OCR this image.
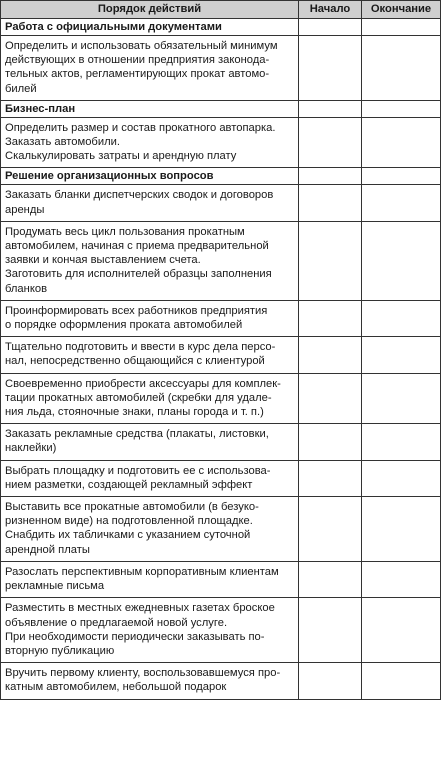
Порядок действий	Начало	Окончание

Работа с официальными документами		

Определить и использовать обязательный минимум
действующих в отношении предприятия законода-
тельных актов, регламентирующих прокат автомо-
билей		

Бизнес-план		

Определить размер и состав прокатного автопарка.
Заказать автомобили.
Скалькулировать затраты и арендную плату		

Решение организационных вопросов		

Заказать бланки диспетчерских сводок и договоров
аренды		

Продумать весь цикл пользования прокатным
автомобилем, начиная с приема предварительной
заявки и кончая выставлением счета.
Заготовить для исполнителей образцы заполнения
бланков		

Проинформировать всех работников предприятия
о порядке оформления проката автомобилей		

Тщательно подготовить и ввести в курс дела персо-
нал, непосредственно общающийся с клиентурой		

Своевременно приобрести аксессуары для комплек-
тации прокатных автомобилей (скребки для удале-
ния льда, стояночные знаки, планы города и т. п.)		

Заказать рекламные средства (плакаты, листовки,
наклейки)		

Выбрать площадку и подготовить ее с использова-
нием разметки, создающей рекламный эффект		

Выставить все прокатные автомобили (в безуко-
ризненном виде) на подготовленной площадке.
Снабдить их табличками с указанием суточной
арендной платы		

Разослать перспективным корпоративным клиентам
рекламные письма		

Разместить в местных ежедневных газетах броское
объявление о предлагаемой новой услуге.
При необходимости периодически заказывать по-
вторную публикацию		

Вручить первому клиенту, воспользовавшемуся про-
катным автомобилем, небольшой подарок		
